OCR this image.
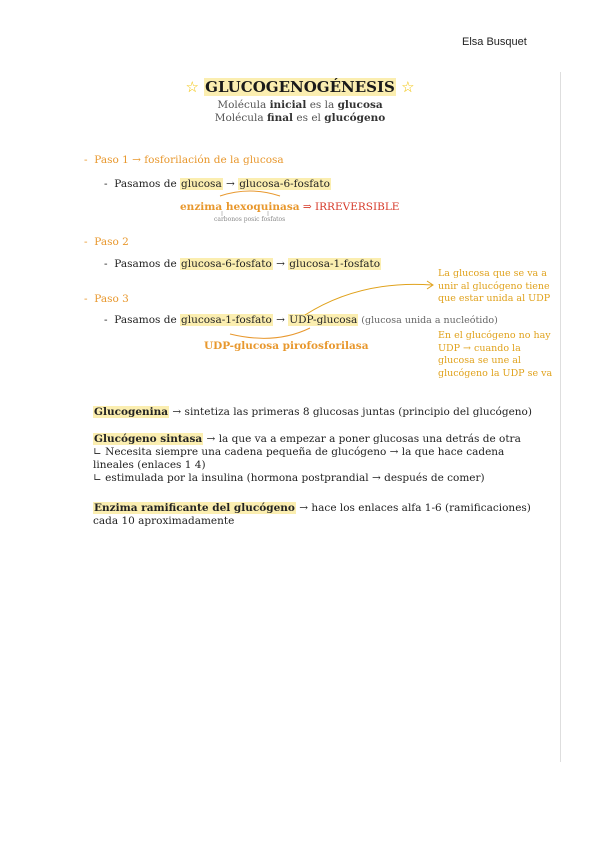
Elsa Busquet
☆ GLUCOGENOGÉNESIS ☆
Molécula inicial es la glucosa
Molécula final es el glucógeno
-  Paso 1 → fosforilación de la glucosa
-  Pasamos de glucosa → glucosa-6-fosfato
enzima hexoquinasa ⇒ IRREVERSIBLE
carbonos posic fosfatos
-  Paso 2
-  Pasamos de glucosa-6-fosfato → glucosa-1-fosfato
-  Paso 3
-  Pasamos de glucosa-1-fosfato → UDP-glucosa (glucosa unida a nucleótido)
UDP-glucosa pirofosforilasa
La glucosa que se va a unir al glucógeno tiene que estar unida al UDP
En el glucógeno no hay UDP → cuando la glucosa se une al glucógeno la UDP se va
Glucogenina → sintetiza las primeras 8 glucosas juntas (principio del glucógeno)
Glucógeno sintasa → la que va a empezar a poner glucosas una detrás de otra
∟ Necesita siempre una cadena pequeña de glucógeno → la que hace cadena lineales (enlaces 1 4)
∟ estimulada por la insulina (hormona postprandial → después de comer)
Enzima ramificante del glucógeno → hace los enlaces alfa 1-6 (ramificaciones) cada 10 aproximadamente
